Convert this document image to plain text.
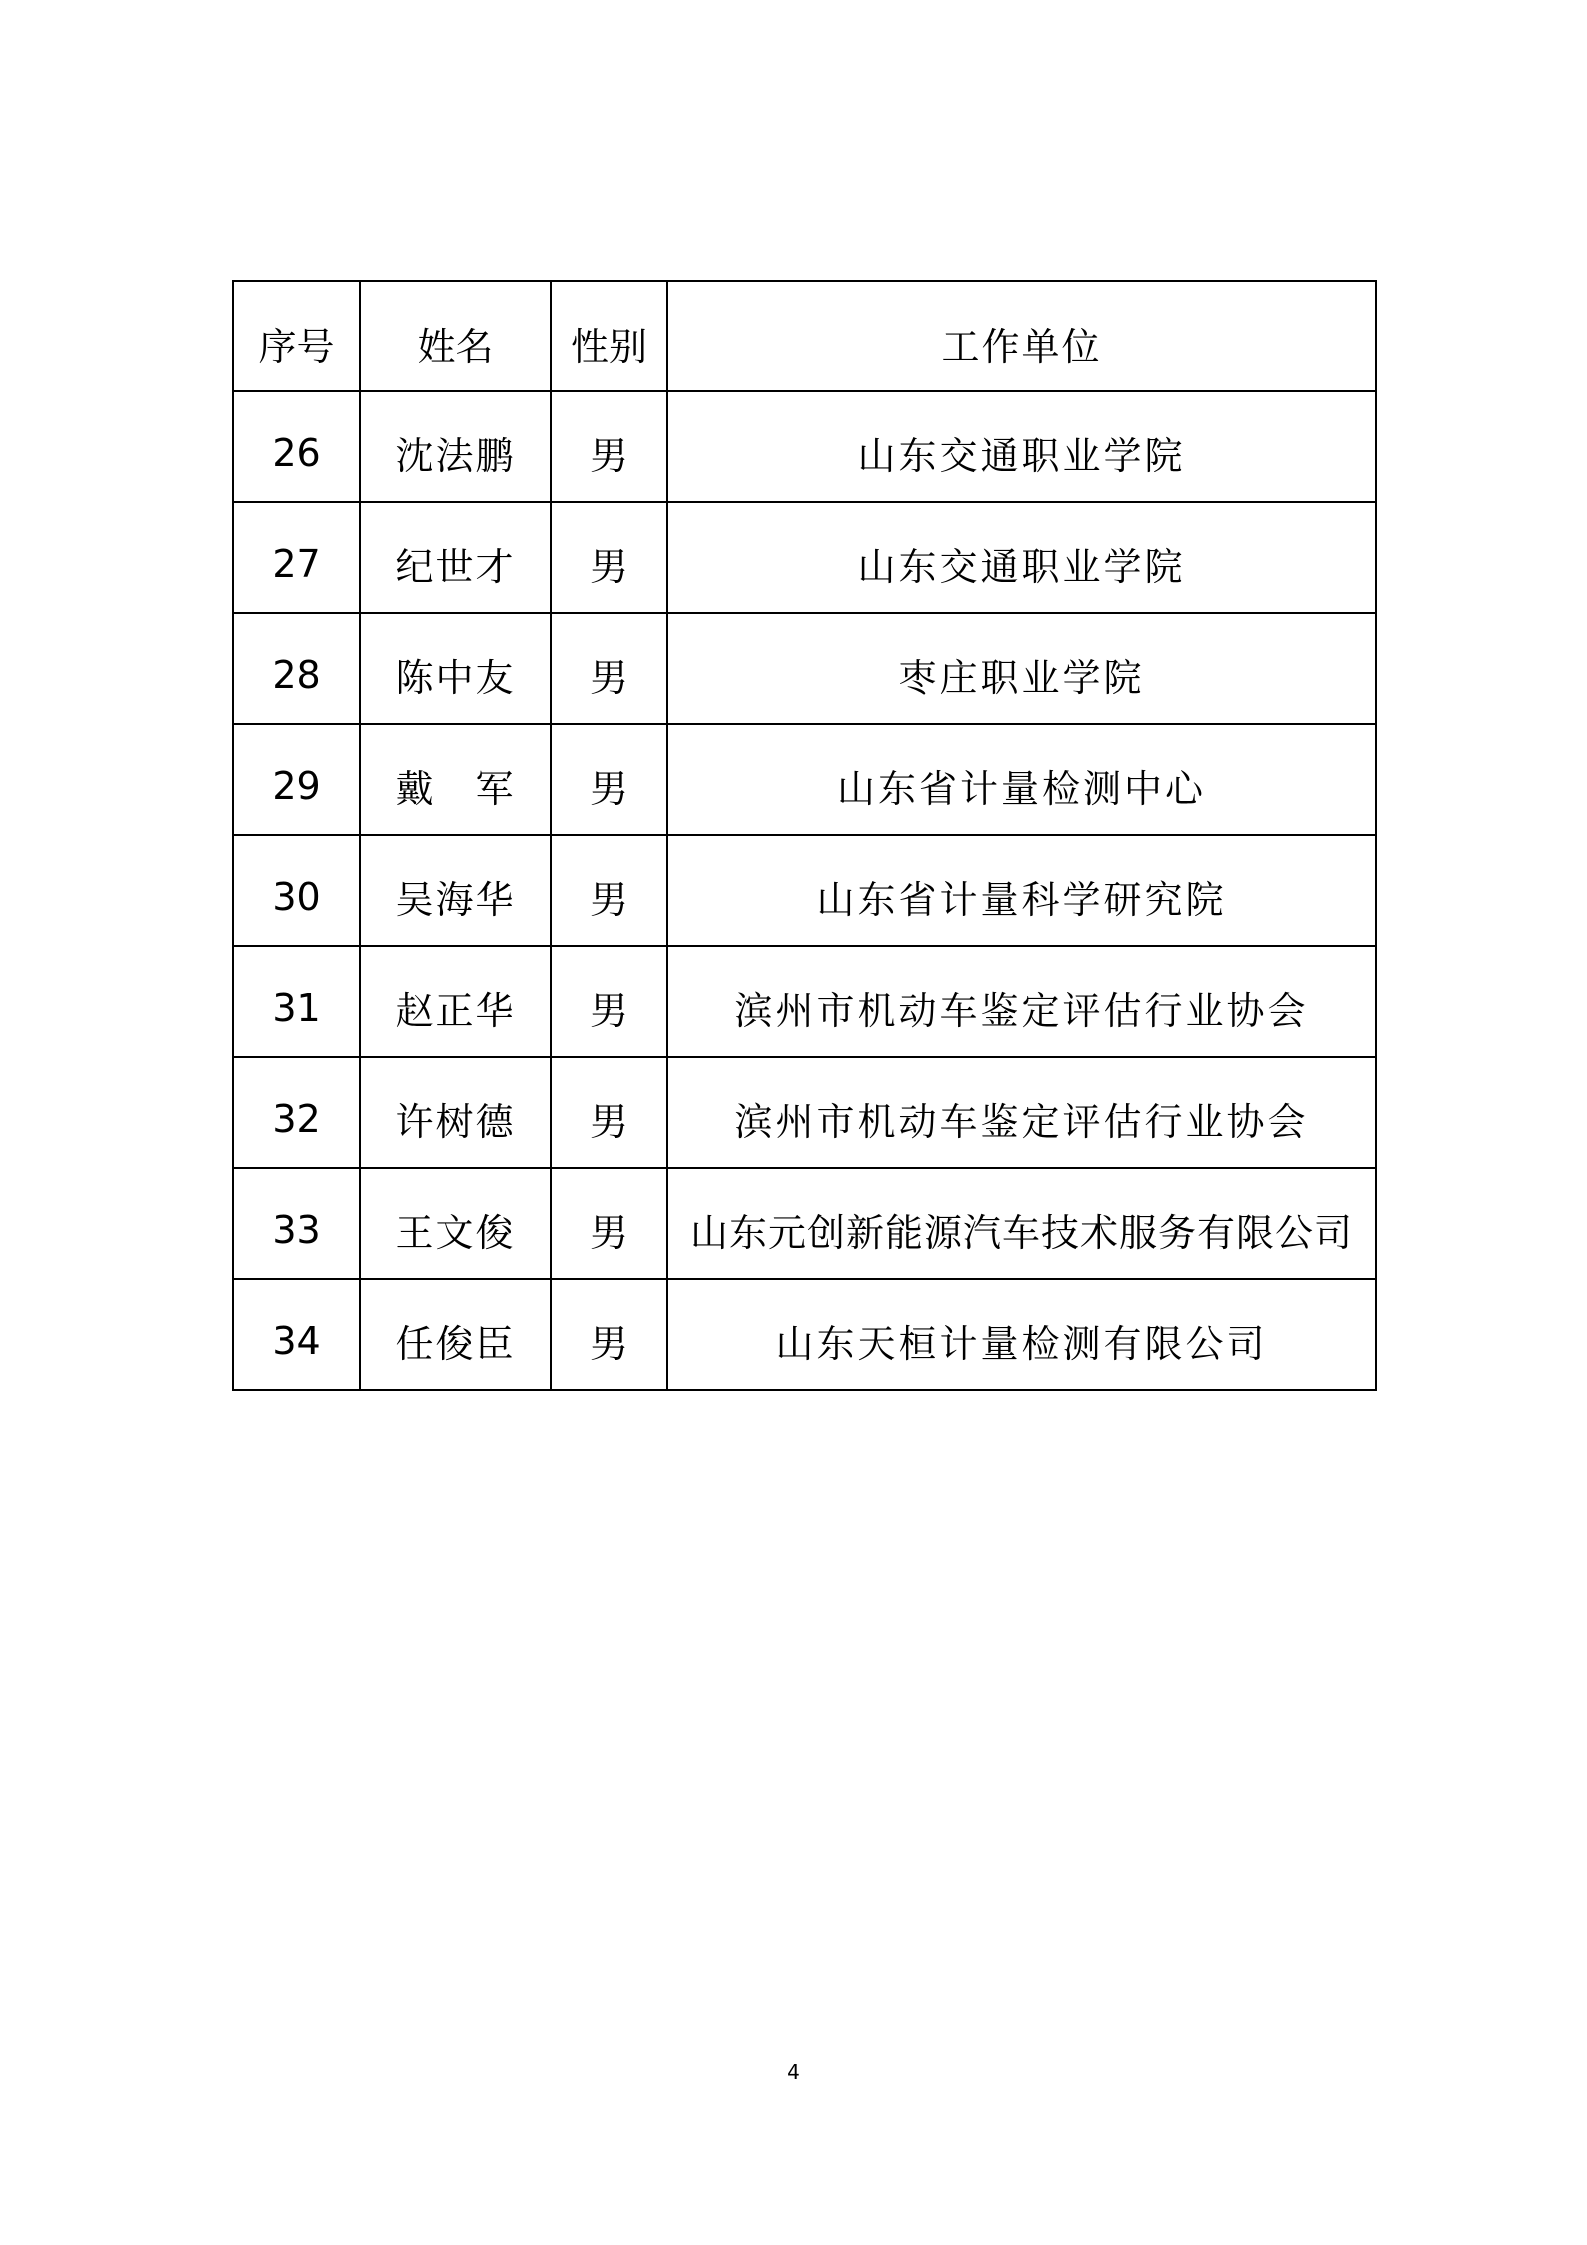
序号	姓名	性别	工作单位
26	沈法鹏	男	山东交通职业学院
27	纪世才	男	山东交通职业学院
28	陈中友	男	枣庄职业学院
29	戴　军	男	山东省计量检测中心
30	吴海华	男	山东省计量科学研究院
31	赵正华	男	滨州市机动车鉴定评估行业协会
32	许树德	男	滨州市机动车鉴定评估行业协会
33	王文俊	男	山东元创新能源汽车技术服务有限公司
34	任俊臣	男	山东天桓计量检测有限公司
4
